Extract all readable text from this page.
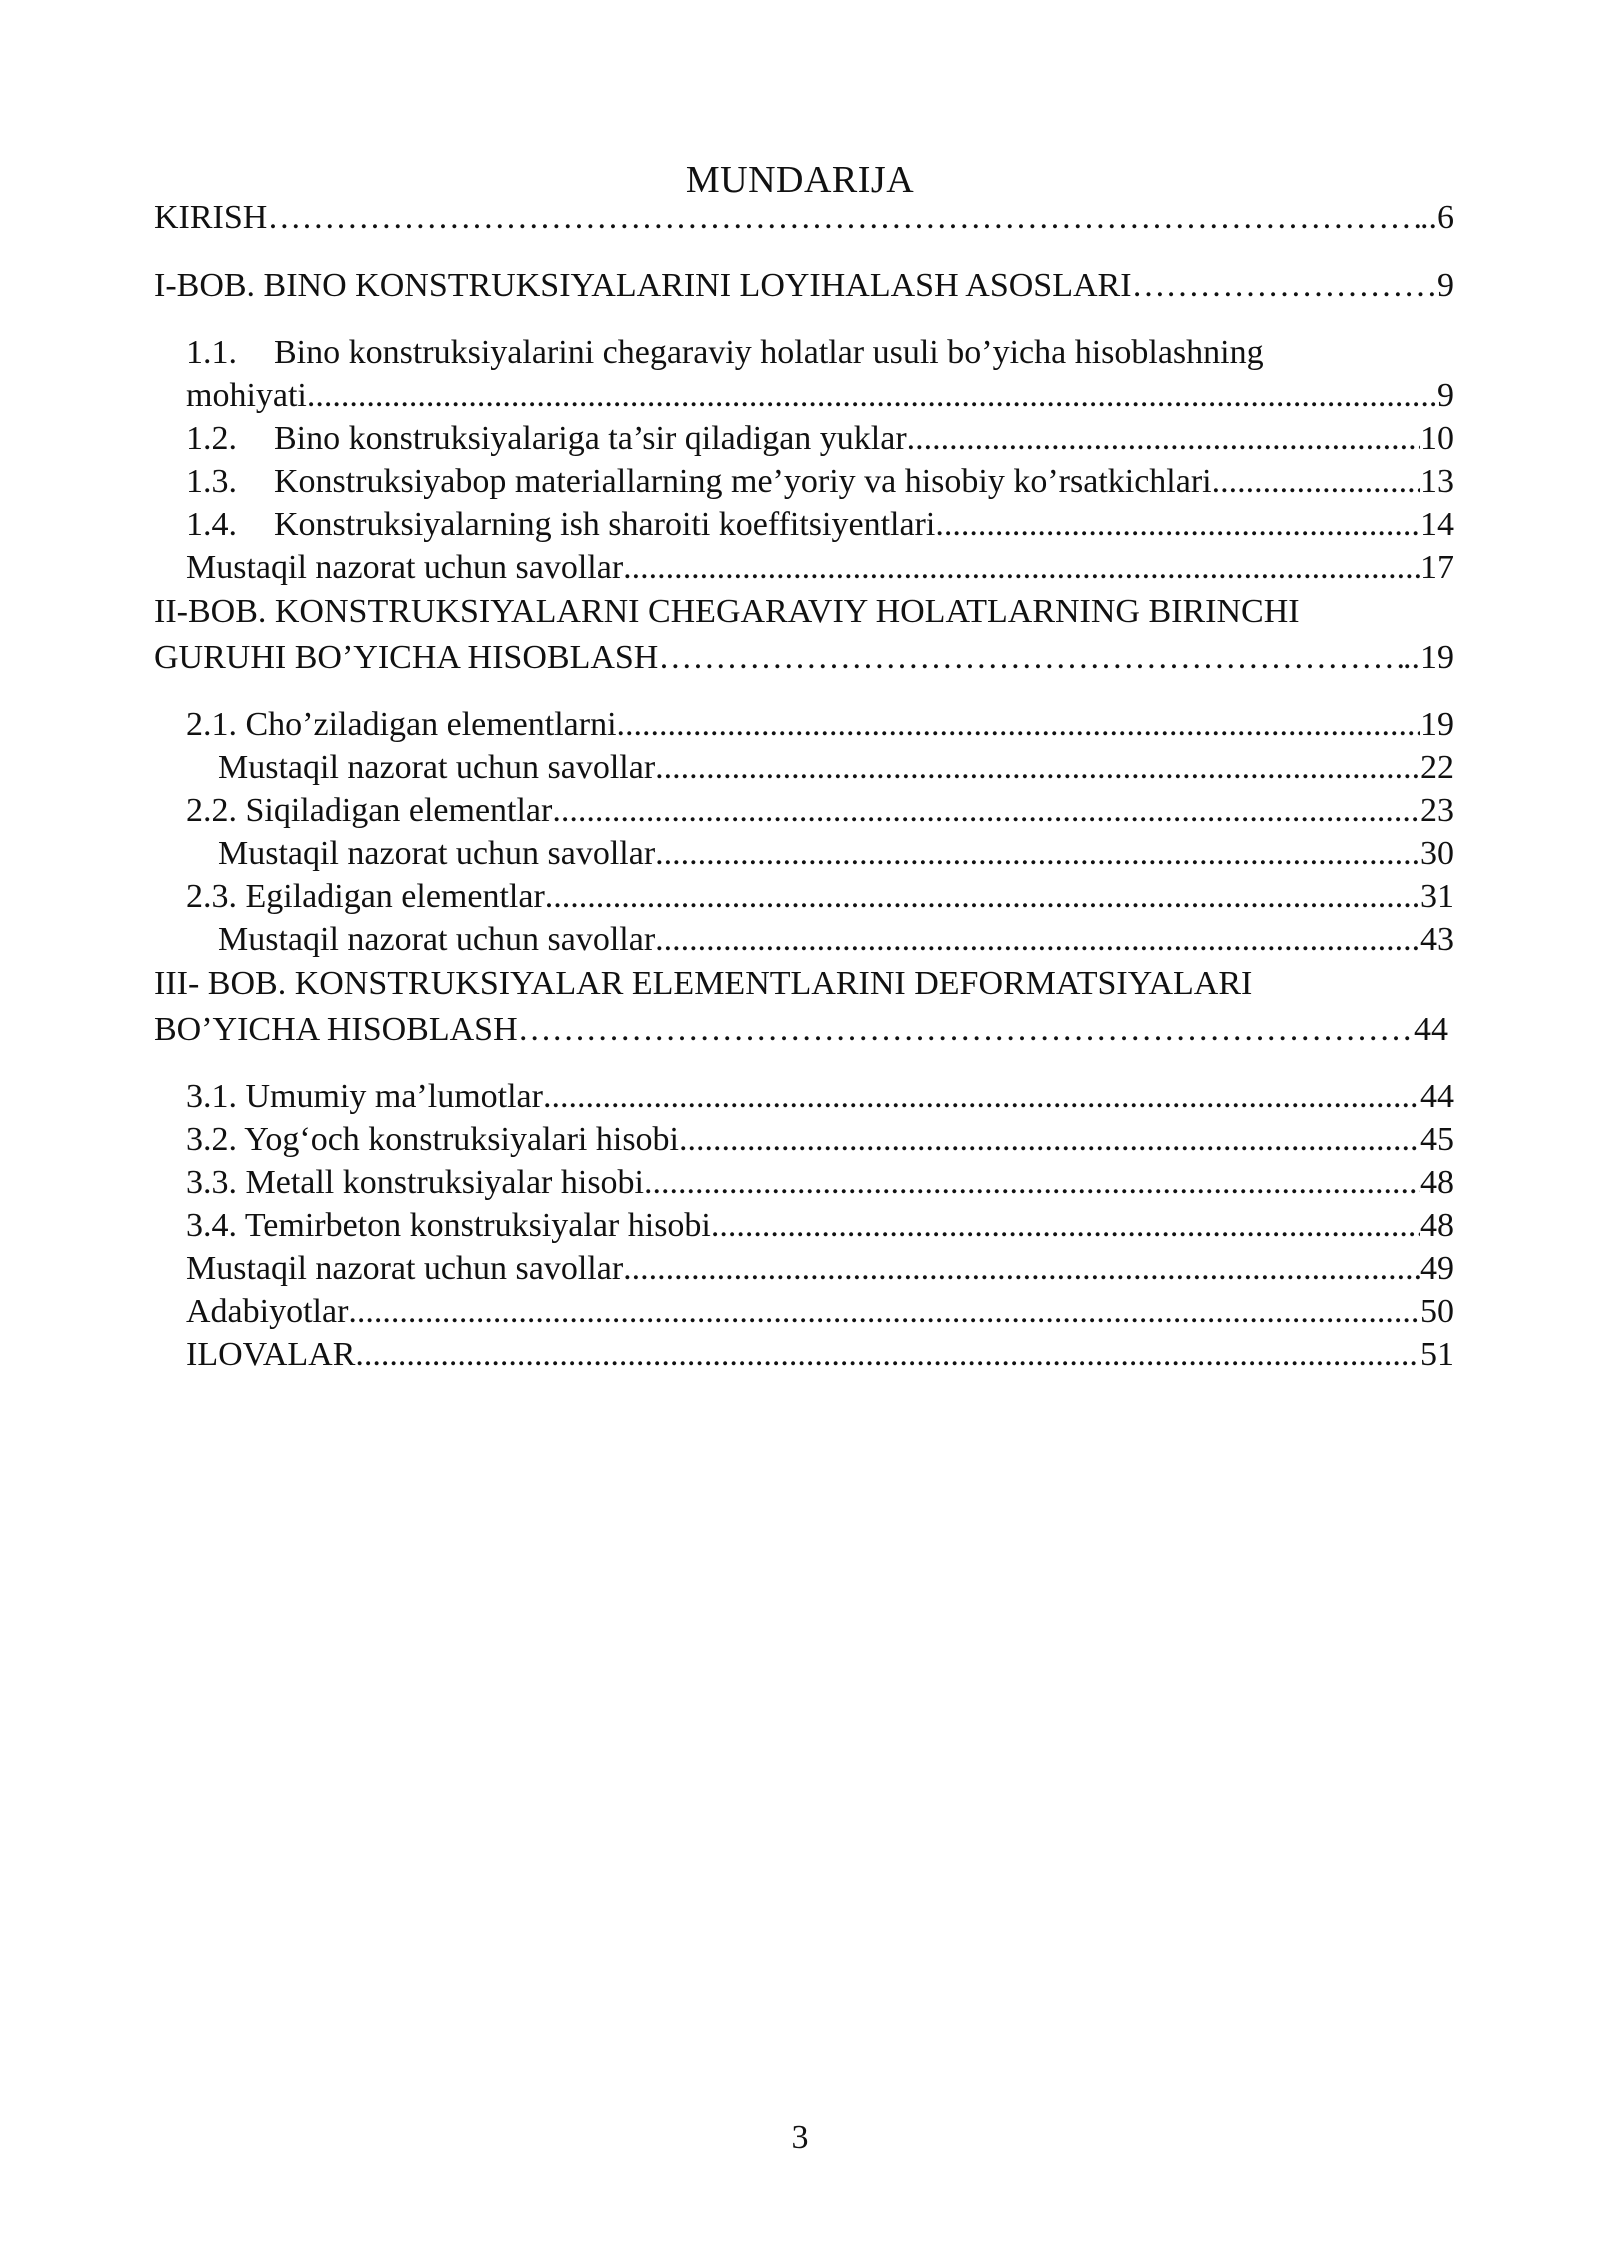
MUNDARIJA
KIRISH ………………………………………………………………………………………………………………………………………………	..6
I-BOB. BINO KONSTRUKSIYALARINI LOYIHALASH ASOSLARI ………………………………………………………………………………………………………………………………………………	9
1.1. Bino konstruksiyalarini chegaraviy holatlar usuli bo’yicha hisoblashning
mohiyati .....	9
1.2.	Bino konstruksiyalariga ta’sir qiladigan yuklar .....	10
1.3.	Konstruksiyabop materiallarning me’yoriy va hisobiy ko’rsatkichlari .....	13
1.4.	Konstruksiyalarning ish sharoiti koeffitsiyentlari .....	14
Mustaqil nazorat uchun savollar .....	17
II-BOB. KONSTRUKSIYALARNI CHEGARAVIY HOLATLARNING BIRINCHI
GURUHI BO’YICHA HISOBLASH ………………………………………………………………………………………………………………………………………………	..19
2.1. Cho’ziladigan elementlarni .....	19
Mustaqil nazorat uchun savollar .....	22
2.2. Siqiladigan elementlar .....	23
Mustaqil nazorat uchun savollar .....	30
2.3. Egiladigan elementlar .....	31
Mustaqil nazorat uchun savollar .....	43
III- BOB. KONSTRUKSIYALAR ELEMENTLARINI DEFORMATSIYALARI
BO’YICHA HISOBLASH ………………………………………………………………………………………………………………………………………………	44
3.1. Umumiy ma’lumotlar .....	44
3.2. Yog‘och konstruksiyalari hisobi .....	45
3.3. Metall konstruksiyalar hisobi .....	48
3.4. Temirbeton konstruksiyalar hisobi .....	48
Mustaqil nazorat uchun savollar .....	49
Adabiyotlar .....	50
ILOVALAR .....	51
3
